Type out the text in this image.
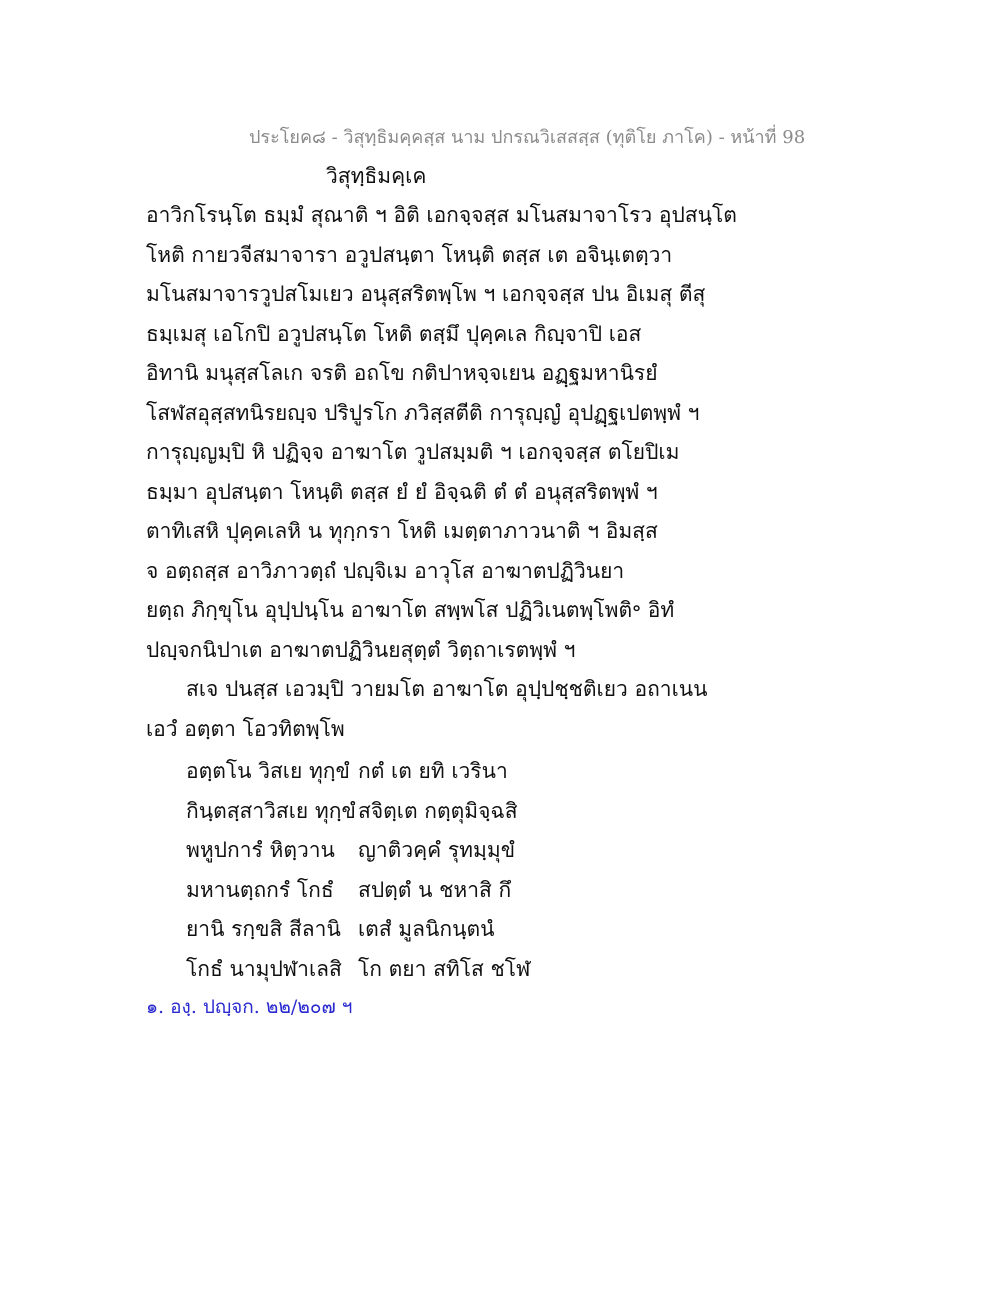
ประโยค๘ - วิสุทฺธิมคฺคสฺส นาม ปกรณวิเสสสฺส (ทุติโย ภาโค) - หน้าที่ 98
วิสุทฺธิมคฺเค
อาวิกโรนฺโต ธมฺมํ สุณาติ ฯ อิติ เอกจฺจสฺส มโนสมาจาโรว อุปสนฺโต
โหติ กายวจีสมาจารา อวูปสนฺตา โหนฺติ ตสฺส เต อจินฺเตตฺวา
มโนสมาจารวูปสโมเยว อนุสฺสริตพฺโพ ฯ เอกจฺจสฺส ปน อิเมสุ ตีสุ
ธมฺเมสุ เอโกปิ อวูปสนฺโต โหติ ตสฺมึ ปุคฺคเล กิญฺจาปิ เอส
อิทานิ มนุสฺสโลเก จรติ อถโข กติปาหจฺจเยน อฏฺฐมหานิรยํ
โสฬสอุสฺสทนิรยญฺจ ปริปูรโก ภวิสฺสตีติ การุญฺญํ อุปฏฺฐเปตพฺพํ ฯ
การุญฺญมฺปิ หิ ปฏิจฺจ อาฆาโต วูปสมฺมติ ฯ เอกจฺจสฺส ตโยปิเม
ธมฺมา อุปสนฺตา โหนฺติ ตสฺส ยํ ยํ อิจฺฉติ ตํ ตํ อนุสฺสริตพฺพํ ฯ
ตาทิเสหิ ปุคฺคเลหิ น ทุกฺกรา โหติ เมตฺตาภาวนาติ ฯ อิมสฺส
จ อตฺถสฺส อาวิภาวตฺถํ ปญฺจิเม อาวุโส อาฆาตปฏิวินยา
ยตฺถ ภิกฺขุโน อุปฺปนฺโน อาฆาโต สพฺพโส ปฏิวิเนตพฺโพติ॰ อิทํ
ปญฺจกนิปาเต อาฆาตปฏิวินยสุตฺตํ วิตฺถาเรตพฺพํ ฯ
สเจ ปนสฺส เอวมฺปิ วายมโต อาฆาโต อุปฺปชฺชติเยว อถาเนน
เอวํ อตฺตา โอวทิตพฺโพ
อตฺตโน วิสเย ทุกฺขํ กตํ เต ยทิ เวรินา
กินฺตสฺสาวิสเย ทุกฺขํ สจิตฺเต กตฺตุมิจฺฉสิ
พหูปการํ หิตฺวาน	ญาติวคฺคํ รุทมฺมุขํ
มหานตฺถกรํ โกธํ	สปตฺตํ น ชหาสิ กึ
ยานิ รกฺขสิ สีลานิ เตสํ มูลนิกนฺตนํ
โกธํ นามุปฬาเลสิ โก ตยา สทิโส ชโฬ
๑. องฺ. ปญฺจก. ๒๒/๒๐๗ ฯ
